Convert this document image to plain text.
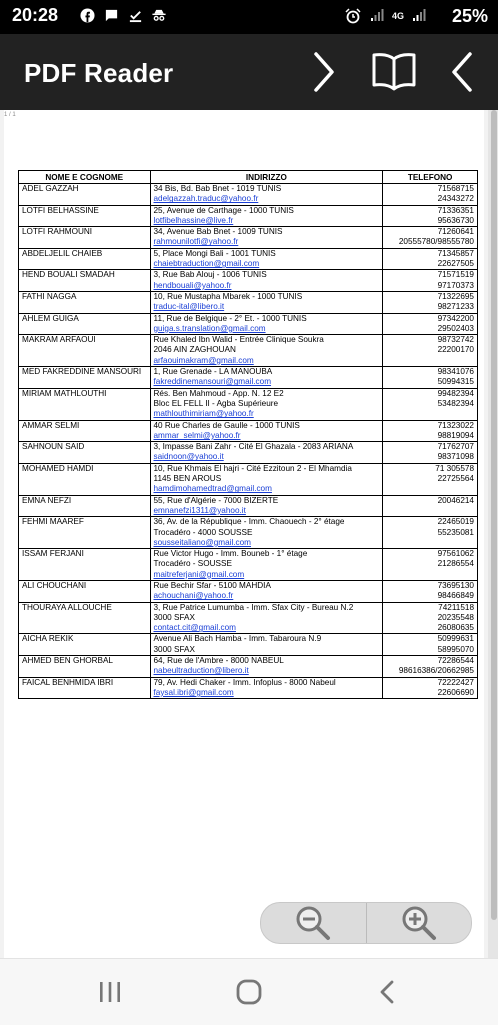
20:28	4G	25%
PDF Reader
1 / 1
NOME E COGNOME	INDIRIZZO	TELEFONO
ADEL GAZZAH	34 Bis, Bd. Bab Bnet - 1019 TUNIS
adelgazzah.traduc@yahoo.fr	71568715
24343272

LOTFI BELHASSINE	25, Avenue de Carthage - 1000 TUNIS
lotfibelhassine@live.fr	71336351
95636730

LOTFI RAHMOUNI	34, Avenue Bab Bnet - 1009 TUNIS
rahmounilotfi@yahoo.fr	71260641
20555780/98555780

ABDELJELIL CHAIEB	5, Place Mongi Bali - 1001 TUNIS
chaiebtraduction@gmail.com	71345857
22627505

HEND BOUALI SMADAH	3, Rue Bab Alouj - 1006 TUNIS
hendbouali@yahoo.fr	71571519
97170373

FATHI NAGGA	10, Rue Mustapha Mbarek - 1000 TUNIS
traduc-ital@libero.it	71322695
98271233

AHLEM GUIGA	11, Rue de Belgique - 2° Et. - 1000 TUNIS
guiga.s.translation@gmail.com	97342200
29502403

MAKRAM ARFAOUI	Rue Khaled Ibn Walid - Entrée Clinique Soukra
2046 AIN ZAGHOUAN
arfaouimakram@gmail.com	98732742
22200170

MED FAKREDDINE MANSOURI	1, Rue Grenade - LA MANOUBA
fakreddinemansouri@gmail.com	98341076
50994315

MIRIAM MATHLOUTHI	Rés. Ben Mahmoud - App. N. 12 E2
Bloc EL FELL II - Agba Supérieure
mathlouthimiriam@yahoo.fr	99482394
53482394

AMMAR SELMI	40 Rue Charles de Gaulle - 1000 TUNIS
ammar_selmi@yahoo.fr	71323022
98819094

SAHNOUN SAID	3, Impasse Bani Zahr - Cité El Ghazala - 2083 ARIANA
saidnoon@yahoo.it	71762707
98371098

MOHAMED HAMDI	10, Rue Khmais El hajri - Cité Ezzitoun 2 - El Mhamdia
1145 BEN AROUS
hamdimohamedtrad@gmail.com	71 305578
22725564

EMNA NEFZI	55, Rue d'Algérie - 7000 BIZERTE
emnanefzi1311@yahoo.it	20046214

FEHMI MAAREF	36, Av. de la République - Imm. Chaouech - 2° étage
Trocadéro - 4000 SOUSSE
sousseitaliano@gmail.com	22465019
55235081

ISSAM FERJANI	Rue Victor Hugo - Imm. Bouneb - 1° étage
Trocadéro - SOUSSE
maitreferjani@gmail.com	97561062
21286554

ALI CHOUCHANI	Rue Bechir Sfar - 5100 MAHDIA
achouchani@yahoo.fr	73695130
98466849

THOURAYA ALLOUCHE	3, Rue Patrice Lumumba - Imm. Sfax City - Bureau N.2
3000 SFAX
contact.cit@gmail.com	74211518
20235548
26080635

AICHA REKIK	Avenue Ali Bach Hamba - Imm. Tabaroura N.9
3000 SFAX	50999631
58995070

AHMED BEN GHORBAL	64, Rue de l'Ambre - 8000 NABEUL
nabeultraduction@libero.it	72286544
98616386/20662985

FAICAL BENHMIDA IBRI	79, Av. Hedi Chaker - Imm. Infoplus - 8000 Nabeul
faysal.ibri@gmail.com	72222427
22606690
